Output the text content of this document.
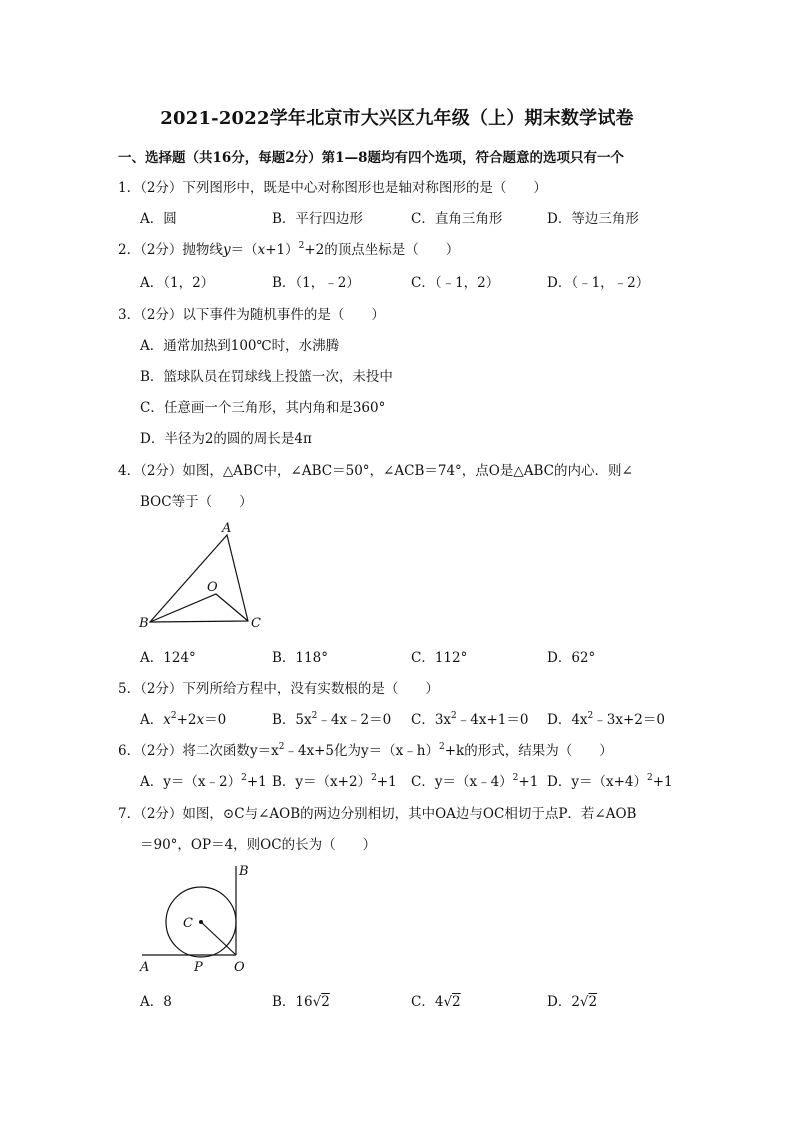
2021-2022学年北京市大兴区九年级（上）期末数学试卷
一、选择题（共16分，每题2分）第1—8题均有四个选项，符合题意的选项只有一个
1．（2分）下列图形中，既是中心对称图形也是轴对称图形的是（　　）
A．圆	B．平行四边形	C．直角三角形	D．等边三角形
2．（2分）抛物线$y=(x+1)^2+2$的顶点坐标是（　　）
A．（1，2）	B．（1，﹣2）	C．（﹣1，2）	D．（﹣1，﹣2）
3．（2分）以下事件为随机事件的是（　　）
A．通常加热到100℃时，水沸腾
B．篮球队员在罚球线上投篮一次，未投中
C．任意画一个三角形，其内角和是360°
D．半径为2的圆的周长是4π
4．（2分）如图，△ABC中，∠ABC＝50°，∠ACB＝74°，点O是△ABC的内心．则∠
BOC等于（　　）
A
B	C
O
A．124°	B．118°	C．112°	D．62°
5．（2分）下列所给方程中，没有实数根的是（　　）
A．$x^2+2x=0$	B．$5x^2﹣4x﹣2=0$ C．$3x^2﹣4x+1=0$ D．$4x^2﹣3x+2=0$
6．（2分）将二次函数$y=x^2﹣4x+5$化为y＝（x﹣h）$^2$+k的形式，结果为（　　）
A．y＝（x﹣2）$^2$+1 B．$y=(x+2)^2+1$ C．y＝（x﹣4）$^2$+1 D．$y=(x+4)^2+1$
7．（2分）如图，⊙C与∠AOB的两边分别相切，其中OA边与OC相切于点P．若∠AOB
＝90°，OP＝4，则OC的长为（　　）
B
C
A	P O
A．8	B．16√2	C．4√2	D．2√2
